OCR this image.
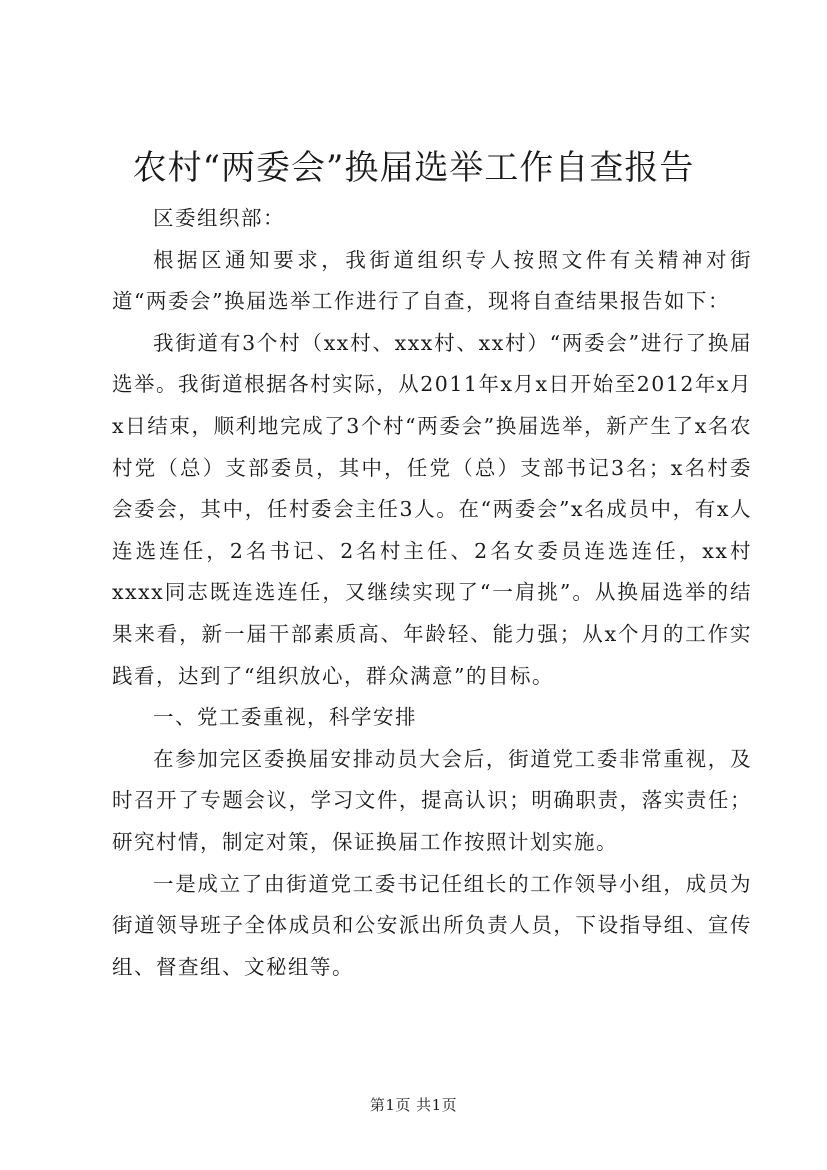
农村“两委会”换届选举工作自查报告

区委组织部：

根据区通知要求，我街道组织专人按照文件有关精神对街道“两委会”换届选举工作进行了自查，现将自查结果报告如下：

我街道有3个村（xx村、xxx村、xx村）“两委会”进行了换届选举。我街道根据各村实际，从2011年x月x日开始至2012年x月x日结束，顺利地完成了3个村“两委会”换届选举，新产生了x名农村党（总）支部委员，其中，任党（总）支部书记3名；x名村委会委会，其中，任村委会主任3人。在“两委会”x名成员中，有x人连选连任，2名书记、2名村主任、2名女委员连选连任，xx村xxxx同志既连选连任，又继续实现了“一肩挑”。从换届选举的结果来看，新一届干部素质高、年龄轻、能力强；从x个月的工作实践看，达到了“组织放心，群众满意”的目标。

一、党工委重视，科学安排

在参加完区委换届安排动员大会后，街道党工委非常重视，及时召开了专题会议，学习文件，提高认识；明确职责，落实责任；研究村情，制定对策，保证换届工作按照计划实施。

一是成立了由街道党工委书记任组长的工作领导小组，成员为街道领导班子全体成员和公安派出所负责人员，下设指导组、宣传组、督查组、文秘组等。

第1页 共1页
